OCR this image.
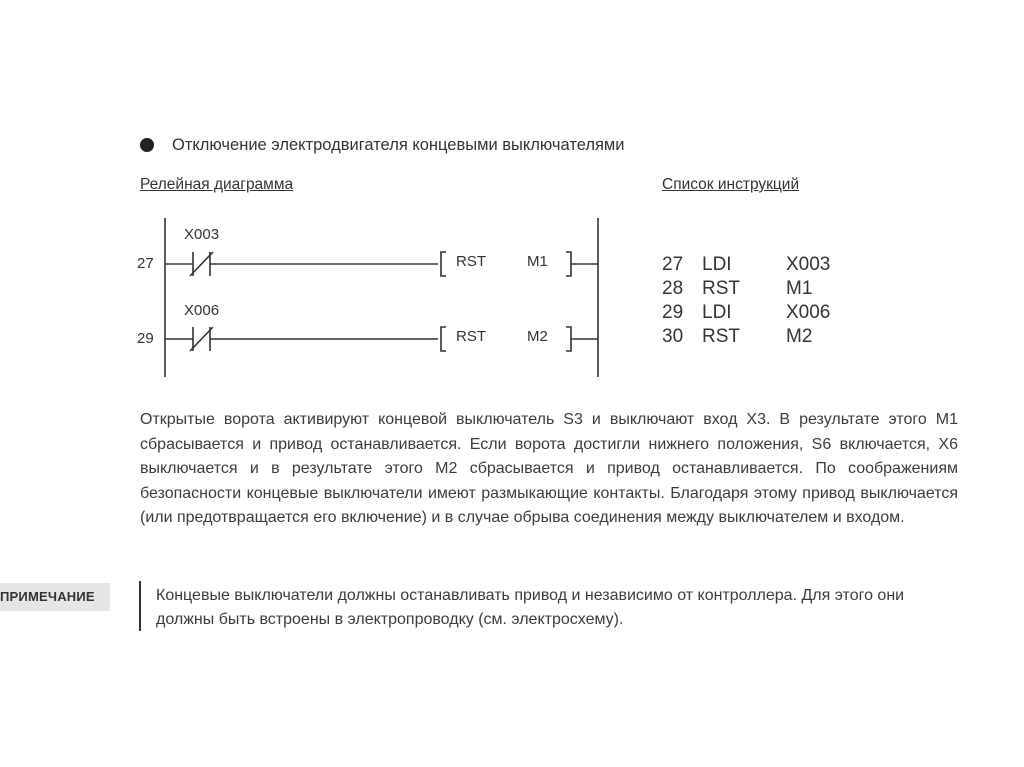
Отключение электродвигателя концевыми выключателями
Релейная диаграмма	Список инструкций
27
X003
RST	M1
29
X006
RST	M2
27 LDI	X003
28 RST M1
29 LDI	X006
30 RST M2
Открытые ворота активируют концевой выключатель S3 и выключают вход X3. В результате этого M1 сбрасывается и привод останавливается. Если ворота достигли нижнего положения, S6 включается, X6 выключается и в результате этого M2 сбрасывается и привод останавливается. По соображениям безопасности концевые выключатели имеют размыкающие контакты. Благодаря этому привод выключается (или предотвращается его включение) и в случае обрыва соединения между выключателем и входом.
ПРИМЕЧАНИЕ	Концевые выключатели должны останавливать привод и независимо от контроллера. Для этого они должны быть встроены в электропроводку (см. электросхему).
